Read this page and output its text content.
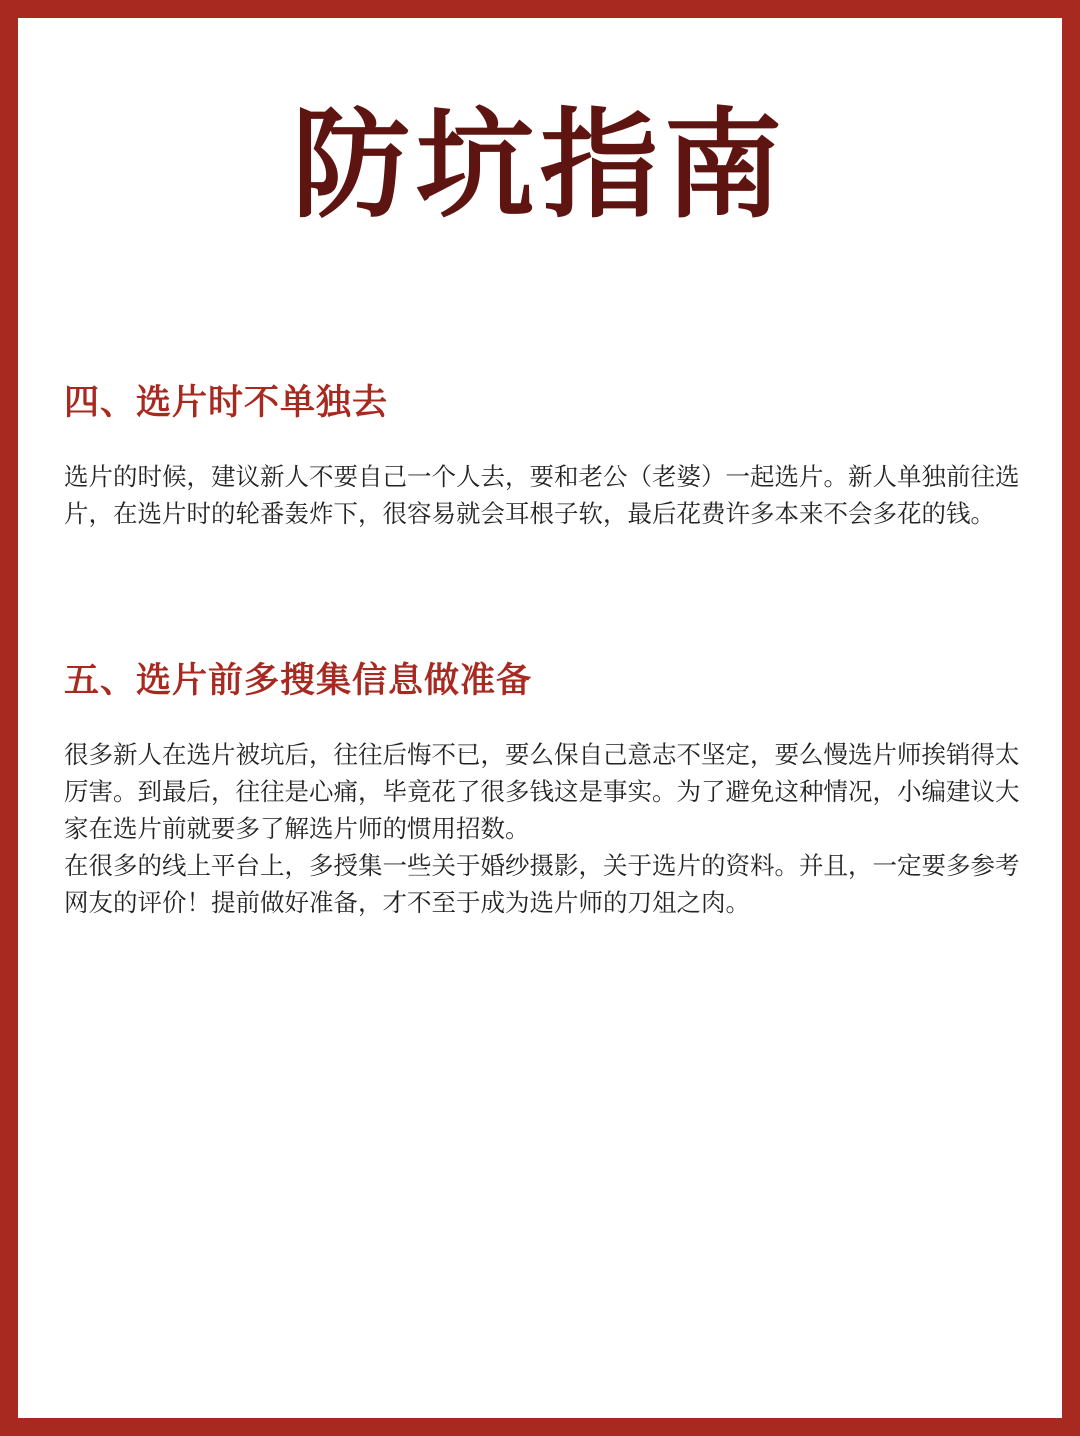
防坑指南
四、选片时不单独去

选片的时候，建议新人不要自己一个人去，要和老公（老婆）一起选片。新人单独前往选片，在选片时的轮番轰炸下，很容易就会耳根子软，最后花费许多本来不会多花的钱。

五、选片前多搜集信息做准备

很多新人在选片被坑后，往往后悔不已，要么保自己意志不坚定，要么慢选片师挨销得太厉害。到最后，往往是心痛，毕竟花了很多钱这是事实。为了避免这种情况，小编建议大家在选片前就要多了解选片师的惯用招数。

在很多的线上平台上，多授集一些关于婚纱摄影，关于选片的资料。并且，一定要多参考网友的评价！提前做好准备，才不至于成为选片师的刀俎之肉。
